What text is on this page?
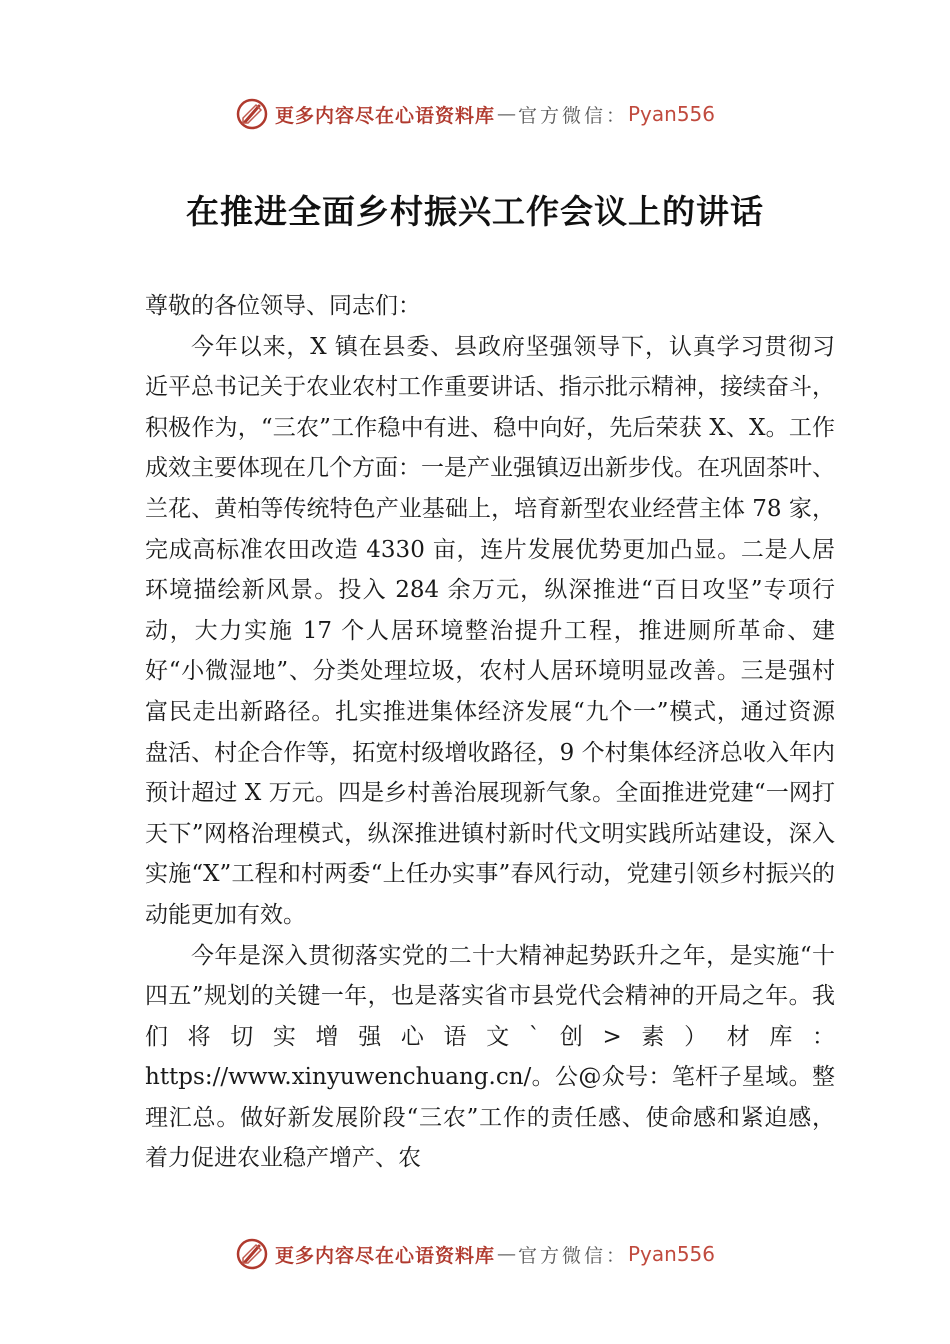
更多内容尽在心语资料库 — 官方微信： Pyan556
在推进全面乡村振兴工作会议上的讲话

尊敬的各位领导、同志们：

今年以来，X 镇在县委、县政府坚强领导下，认真学习贯彻习近平总书记关于农业农村工作重要讲话、指示批示精神，接续奋斗，积极作为，“三农”工作稳中有进、稳中向好，先后荣获 X、X。工作成效主要体现在几个方面：一是产业强镇迈出新步伐。在巩固茶叶、兰花、黄柏等传统特色产业基础上，培育新型农业经营主体 78 家，完成高标准农田改造 4330 亩，连片发展优势更加凸显。二是人居环境描绘新风景。投入 284 余万元，纵深推进“百日攻坚”专项行动，大力实施 17 个人居环境整治提升工程，推进厕所革命、建好“小微湿地”、分类处理垃圾，农村人居环境明显改善。三是强村富民走出新路径。扎实推进集体经济发展“九个一”模式，通过资源盘活、村企合作等，拓宽村级增收路径，9 个村集体经济总收入年内预计超过 X 万元。四是乡村善治展现新气象。全面推进党建“一网打天下”网格治理模式，纵深推进镇村新时代文明实践所站建设，深入实施“X”工程和村两委“上任办实事”春风行动，党建引领乡村振兴的动能更加有效。

今年是深入贯彻落实党的二十大精神起势跃升之年，是实施“十四五”规划的关键一年，也是落实省市县党代会精神的开局之年。我们将切实增强心语文`创>素）材库：https://www.xinyuwenchuang.cn/。公@众号：笔杆子星域。整理汇总。做好新发展阶段“三农”工作的责任感、使命感和紧迫感，着力促进农业稳产增产、农

更多内容尽在心语资料库 — 官方微信： Pyan556
